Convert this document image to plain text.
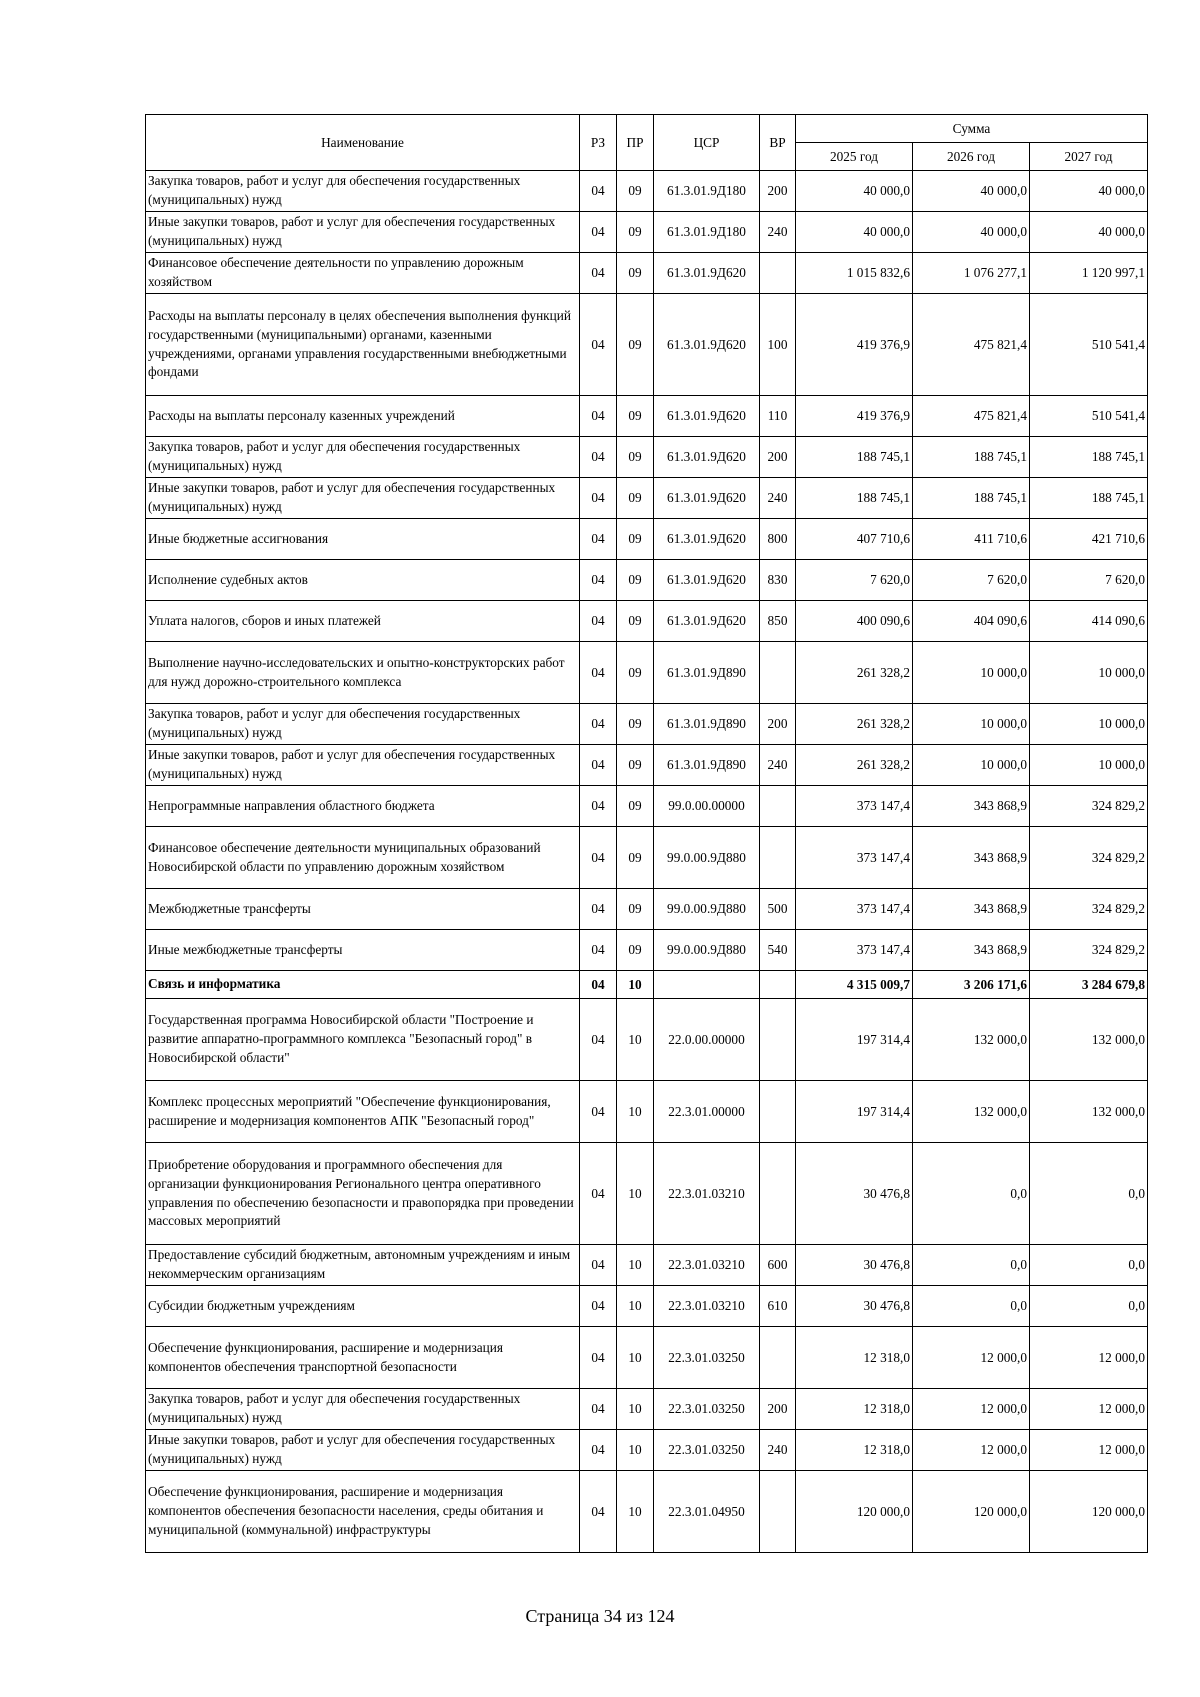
Наименование	РЗ	ПР	ЦСР	ВР	Сумма		
					2025 год	2026 год	2027 год
Закупка товаров, работ и услуг для обеспечения государственных (муниципальных) нужд	04	09	61.3.01.9Д180	200	40 000,0	40 000,0	40 000,0
Иные закупки товаров, работ и услуг для обеспечения государственных (муниципальных) нужд	04	09	61.3.01.9Д180	240	40 000,0	40 000,0	40 000,0
Финансовое обеспечение деятельности по управлению дорожным хозяйством	04	09	61.3.01.9Д620		1 015 832,6	1 076 277,1	1 120 997,1
Расходы на выплаты персоналу в целях обеспечения выполнения функций государственными (муниципальными) органами, казенными учреждениями, органами управления государственными внебюджетными фондами	04	09	61.3.01.9Д620	100	419 376,9	475 821,4	510 541,4
Расходы на выплаты персоналу казенных учреждений	04	09	61.3.01.9Д620	110	419 376,9	475 821,4	510 541,4
Закупка товаров, работ и услуг для обеспечения государственных (муниципальных) нужд	04	09	61.3.01.9Д620	200	188 745,1	188 745,1	188 745,1
Иные закупки товаров, работ и услуг для обеспечения государственных (муниципальных) нужд	04	09	61.3.01.9Д620	240	188 745,1	188 745,1	188 745,1
Иные бюджетные ассигнования	04	09	61.3.01.9Д620	800	407 710,6	411 710,6	421 710,6
Исполнение судебных актов	04	09	61.3.01.9Д620	830	7 620,0	7 620,0	7 620,0
Уплата налогов, сборов и иных платежей	04	09	61.3.01.9Д620	850	400 090,6	404 090,6	414 090,6
Выполнение научно-исследовательских и опытно-конструкторских работ для нужд дорожно-строительного комплекса	04	09	61.3.01.9Д890		261 328,2	10 000,0	10 000,0
Закупка товаров, работ и услуг для обеспечения государственных (муниципальных) нужд	04	09	61.3.01.9Д890	200	261 328,2	10 000,0	10 000,0
Иные закупки товаров, работ и услуг для обеспечения государственных (муниципальных) нужд	04	09	61.3.01.9Д890	240	261 328,2	10 000,0	10 000,0
Непрограммные направления областного бюджета	04	09	99.0.00.00000		373 147,4	343 868,9	324 829,2
Финансовое обеспечение деятельности муниципальных образований Новосибирской области по управлению дорожным хозяйством	04	09	99.0.00.9Д880		373 147,4	343 868,9	324 829,2
Межбюджетные трансферты	04	09	99.0.00.9Д880	500	373 147,4	343 868,9	324 829,2
Иные межбюджетные трансферты	04	09	99.0.00.9Д880	540	373 147,4	343 868,9	324 829,2
Связь и информатика	04	10			4 315 009,7	3 206 171,6	3 284 679,8
Государственная программа Новосибирской области "Построение и развитие аппаратно-программного комплекса "Безопасный город" в Новосибирской области"	04	10	22.0.00.00000		197 314,4	132 000,0	132 000,0
Комплекс процессных мероприятий "Обеспечение функционирования, расширение и модернизация компонентов АПК "Безопасный город"	04	10	22.3.01.00000		197 314,4	132 000,0	132 000,0
Приобретение оборудования и программного обеспечения для организации функционирования Регионального центра оперативного управления по обеспечению безопасности и правопорядка при проведении массовых мероприятий	04	10	22.3.01.03210		30 476,8	0,0	0,0
Предоставление субсидий бюджетным, автономным учреждениям и иным некоммерческим организациям	04	10	22.3.01.03210	600	30 476,8	0,0	0,0
Субсидии бюджетным учреждениям	04	10	22.3.01.03210	610	30 476,8	0,0	0,0
Обеспечение функционирования, расширение и модернизация компонентов обеспечения транспортной безопасности	04	10	22.3.01.03250		12 318,0	12 000,0	12 000,0
Закупка товаров, работ и услуг для обеспечения государственных (муниципальных) нужд	04	10	22.3.01.03250	200	12 318,0	12 000,0	12 000,0
Иные закупки товаров, работ и услуг для обеспечения государственных (муниципальных) нужд	04	10	22.3.01.03250	240	12 318,0	12 000,0	12 000,0
Обеспечение функционирования, расширение и модернизация компонентов обеспечения безопасности населения, среды обитания и муниципальной (коммунальной) инфраструктуры	04	10	22.3.01.04950		120 000,0	120 000,0	120 000,0
Страница 34 из 124
